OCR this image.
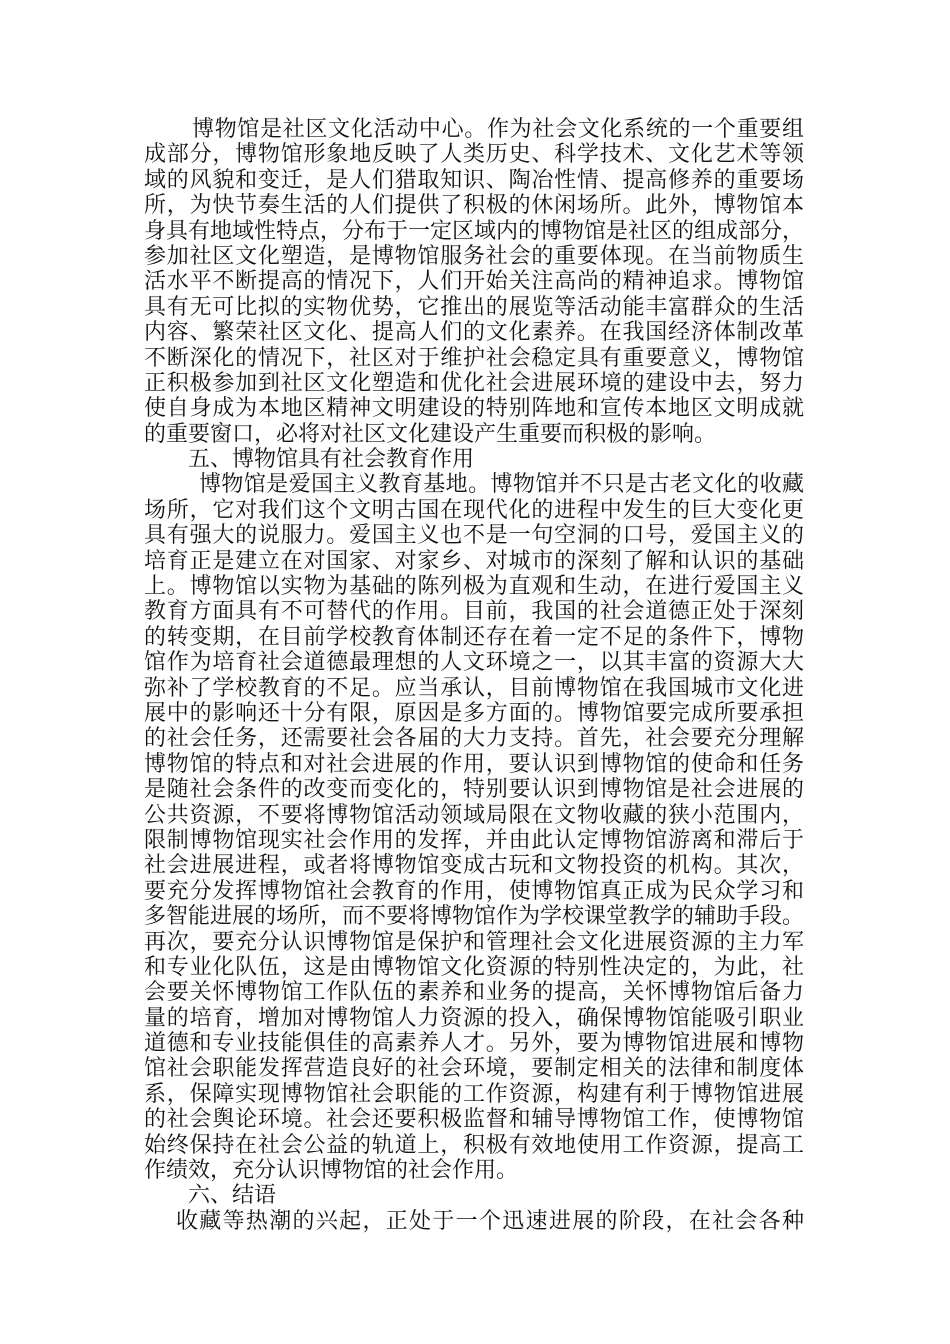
博物馆是社区文化活动中心。作为社会文化系统的一个重要组
成部分，博物馆形象地反映了人类历史、科学技术、文化艺术等领
域的风貌和变迁，是人们猎取知识、陶冶性情、提高修养的重要场
所，为快节奏生活的人们提供了积极的休闲场所。此外，博物馆本
身具有地域性特点，分布于一定区域内的博物馆是社区的组成部分，
参加社区文化塑造，是博物馆服务社会的重要体现。在当前物质生
活水平不断提高的情况下，人们开始关注高尚的精神追求。博物馆
具有无可比拟的实物优势，它推出的展览等活动能丰富群众的生活
内容、繁荣社区文化、提高人们的文化素养。在我国经济体制改革
不断深化的情况下，社区对于维护社会稳定具有重要意义，博物馆
正积极参加到社区文化塑造和优化社会进展环境的建设中去，努力
使自身成为本地区精神文明建设的特别阵地和宣传本地区文明成就
的重要窗口，必将对社区文化建设产生重要而积极的影响。
五、博物馆具有社会教育作用
博物馆是爱国主义教育基地。博物馆并不只是古老文化的收藏
场所，它对我们这个文明古国在现代化的进程中发生的巨大变化更
具有强大的说服力。爱国主义也不是一句空洞的口号，爱国主义的
培育正是建立在对国家、对家乡、对城市的深刻了解和认识的基础
上。博物馆以实物为基础的陈列极为直观和生动，在进行爱国主义
教育方面具有不可替代的作用。目前，我国的社会道德正处于深刻
的转变期，在目前学校教育体制还存在着一定不足的条件下，博物
馆作为培育社会道德最理想的人文环境之一，以其丰富的资源大大
弥补了学校教育的不足。应当承认，目前博物馆在我国城市文化进
展中的影响还十分有限，原因是多方面的。博物馆要完成所要承担
的社会任务，还需要社会各届的大力支持。首先，社会要充分理解
博物馆的特点和对社会进展的作用，要认识到博物馆的使命和任务
是随社会条件的改变而变化的，特别要认识到博物馆是社会进展的
公共资源，不要将博物馆活动领域局限在文物收藏的狭小范围内，
限制博物馆现实社会作用的发挥，并由此认定博物馆游离和滞后于
社会进展进程，或者将博物馆变成古玩和文物投资的机构。其次，
要充分发挥博物馆社会教育的作用，使博物馆真正成为民众学习和
多智能进展的场所，而不要将博物馆作为学校课堂教学的辅助手段。
再次，要充分认识博物馆是保护和管理社会文化进展资源的主力军
和专业化队伍，这是由博物馆文化资源的特别性决定的，为此，社
会要关怀博物馆工作队伍的素养和业务的提高，关怀博物馆后备力
量的培育，增加对博物馆人力资源的投入，确保博物馆能吸引职业
道德和专业技能俱佳的高素养人才。另外，要为博物馆进展和博物
馆社会职能发挥营造良好的社会环境，要制定相关的法律和制度体
系，保障实现博物馆社会职能的工作资源，构建有利于博物馆进展
的社会舆论环境。社会还要积极监督和辅导博物馆工作，使博物馆
始终保持在社会公益的轨道上，积极有效地使用工作资源，提高工
作绩效，充分认识博物馆的社会作用。
六、结语
收藏等热潮的兴起，正处于一个迅速进展的阶段，在社会各种
